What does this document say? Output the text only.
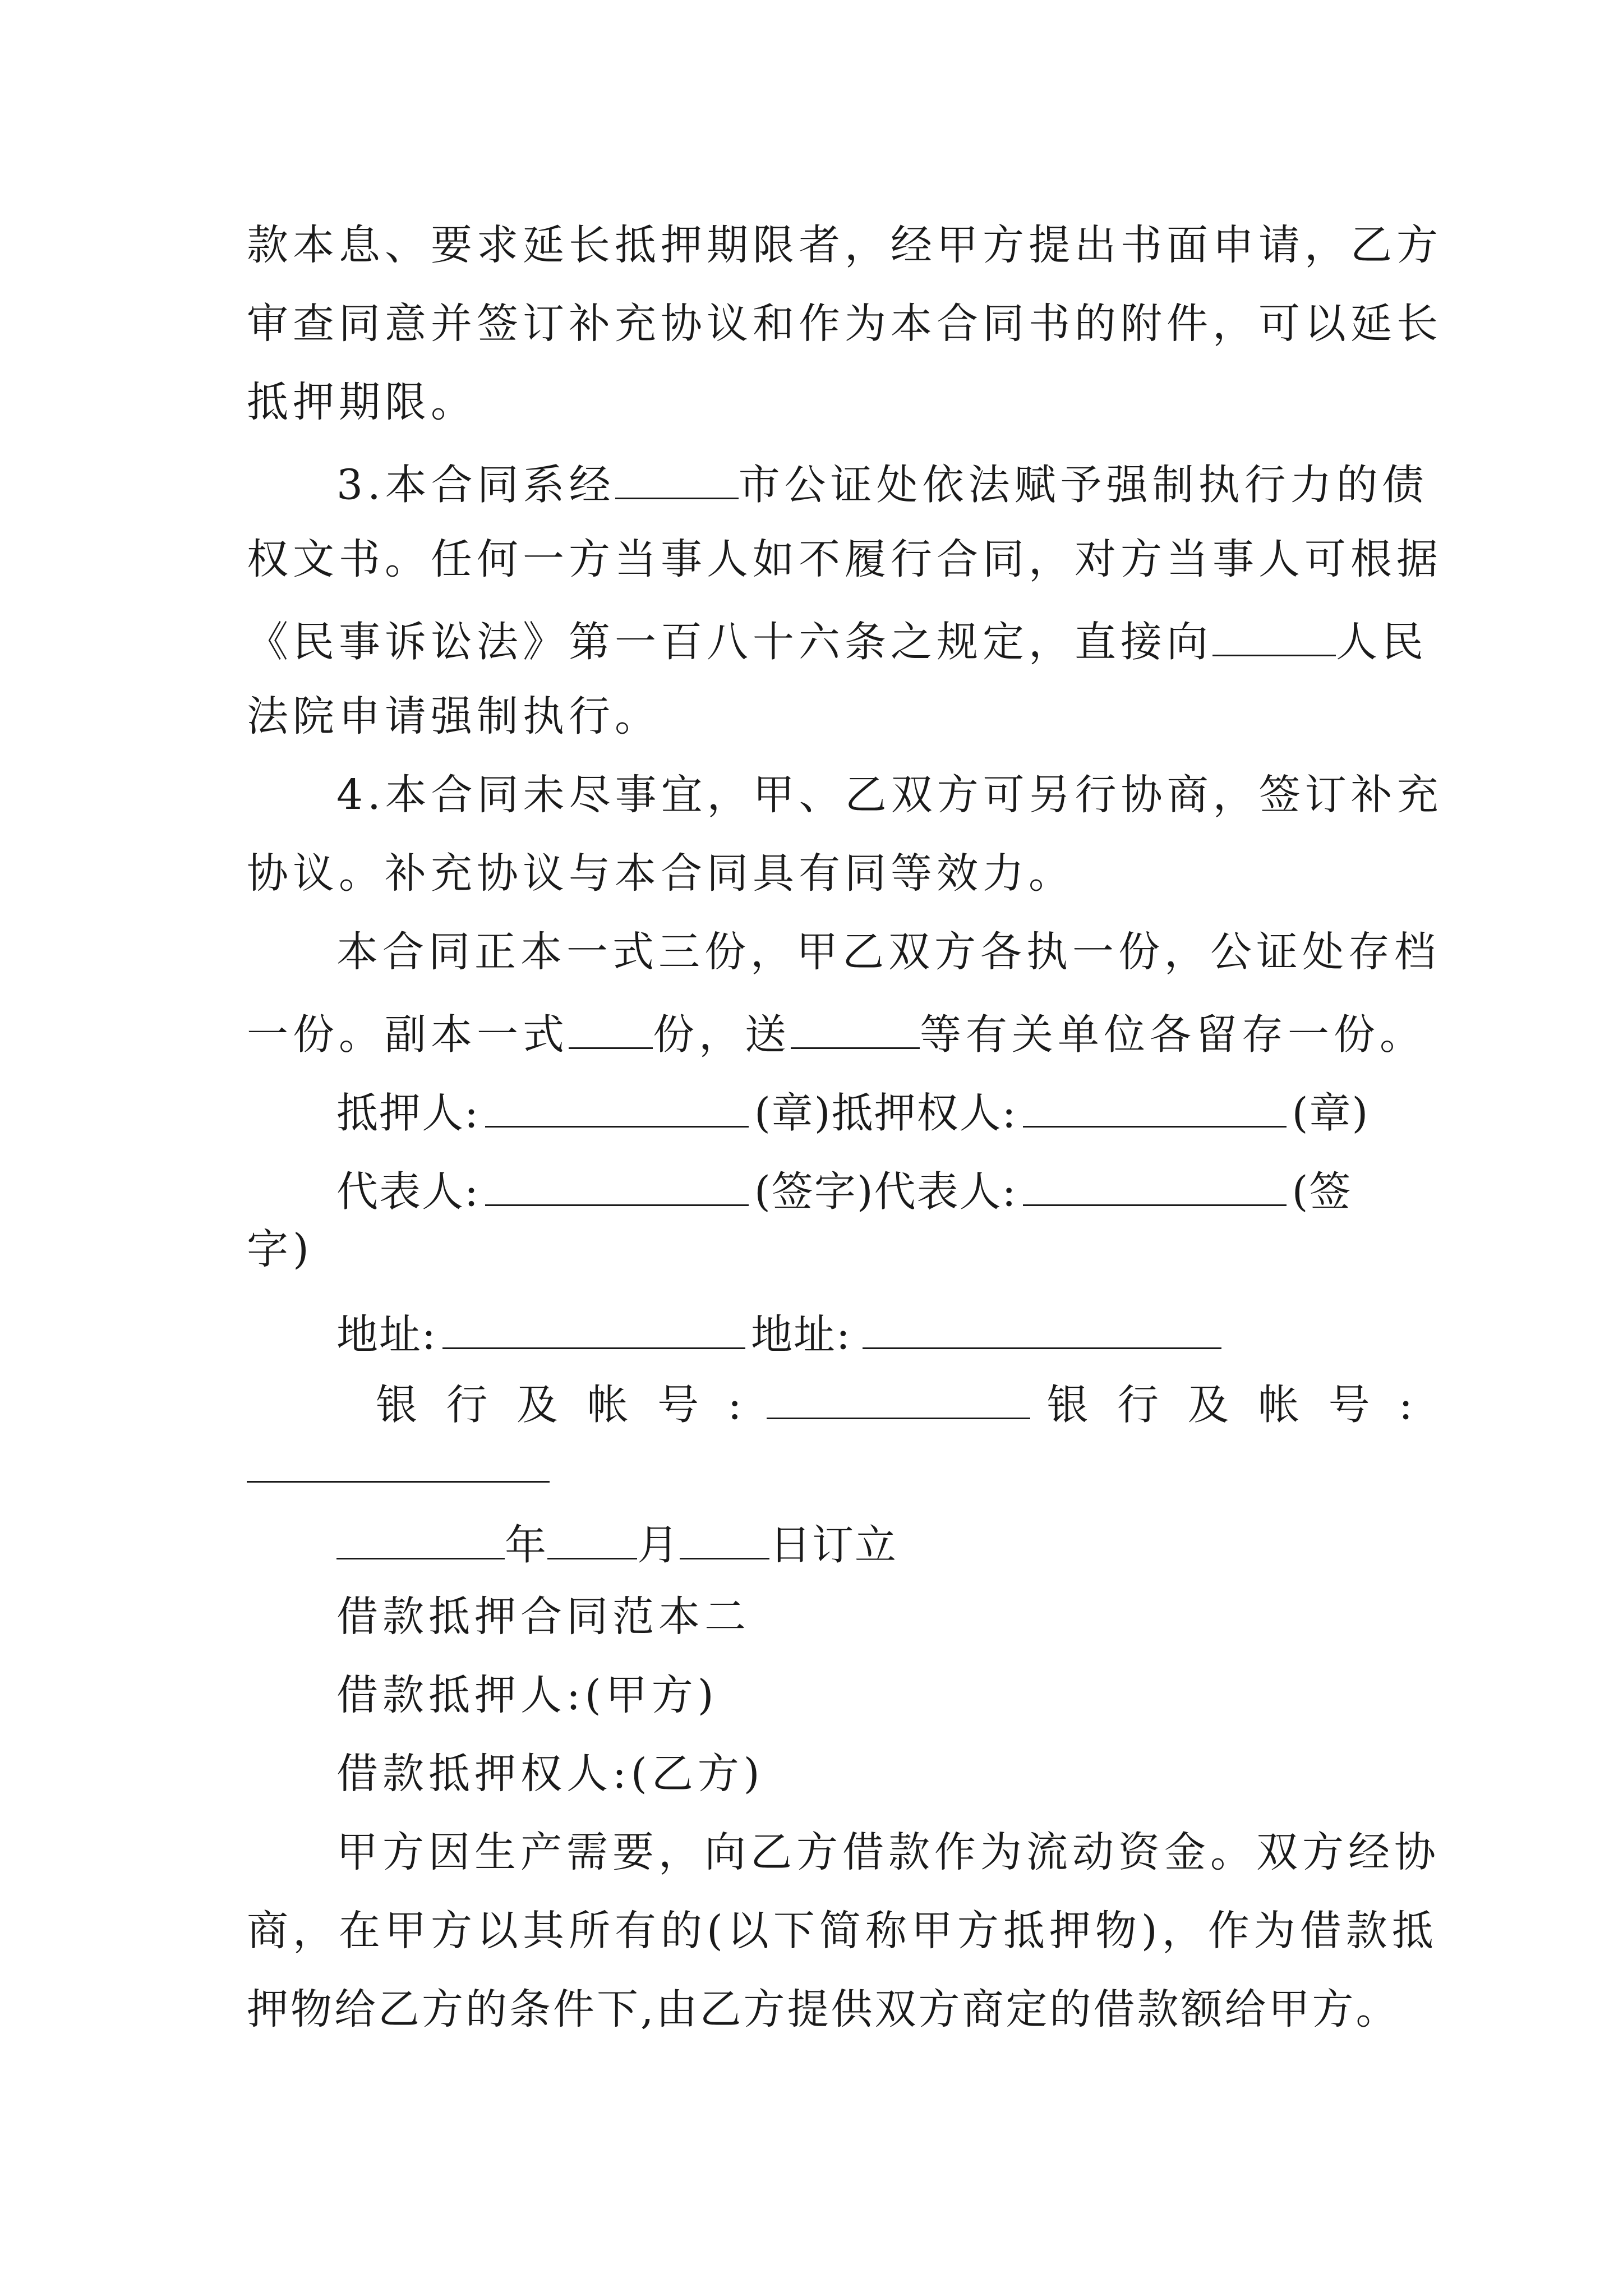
款本息、要求延长抵押期限者，经甲方提出书面申请，乙方
审查同意并签订补充协议和作为本合同书的附件，可以延长
抵押期限。
3.本合同系经	市公证处依法赋予强制执行力的债
权文书。任何一方当事人如不履行合同，对方当事人可根据
《民事诉讼法》第一百八十六条之规定，直接向	人民
法院申请强制执行。
4.本合同未尽事宜，甲、乙双方可另行协商，签订补充
协议。补充协议与本合同具有同等效力。
本合同正本一式三份，甲乙双方各执一份，公证处存档
一份。副本一式 份，送	等有关单位各留存一份。
抵押人:	(章)抵押权人:	(章)
代表人:	(签字)代表人:	(签
字)
地址:	地址:
银 行 及 帐 号 :	银 行 及 帐 号 :
年 月 日订立
借款抵押合同范本二
借款抵押人:(甲方)
借款抵押权人:(乙方)
甲方因生产需要，向乙方借款作为流动资金。双方经协
商，在甲方以其所有的(以下简称甲方抵押物)，作为借款抵
押物给乙方的条件下,由乙方提供双方商定的借款额给甲方。
